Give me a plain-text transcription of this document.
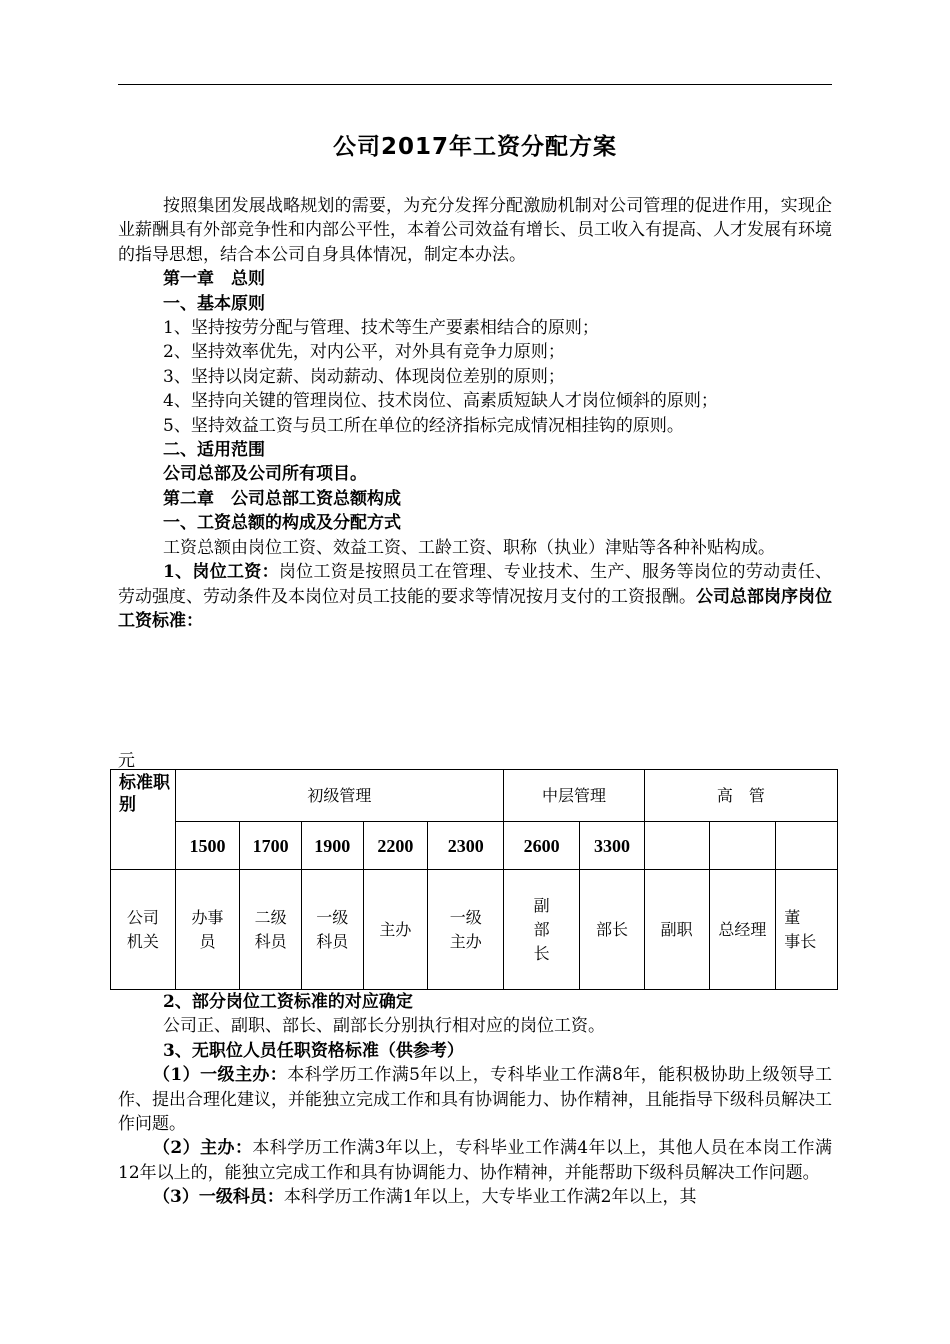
公司2017年工资分配方案

按照集团发展战略规划的需要，为充分发挥分配激励机制对公司管理的促进作用，实现企业薪酬具有外部竞争性和内部公平性，本着公司效益有增长、员工收入有提高、人才发展有环境的指导思想，结合本公司自身具体情况，制定本办法。

第一章　总则

一、基本原则

1、坚持按劳分配与管理、技术等生产要素相结合的原则；

2、坚持效率优先，对内公平，对外具有竞争力原则；

3、坚持以岗定薪、岗动薪动、体现岗位差别的原则；

4、坚持向关键的管理岗位、技术岗位、高素质短缺人才岗位倾斜的原则；

5、坚持效益工资与员工所在单位的经济指标完成情况相挂钩的原则。

二、适用范围

公司总部及公司所有项目。

第二章　公司总部工资总额构成

一、工资总额的构成及分配方式

工资总额由岗位工资、效益工资、工龄工资、职称（执业）津贴等各种补贴构成。

1、岗位工资：岗位工资是按照员工在管理、专业技术、生产、服务等岗位的劳动责任、劳动强度、劳动条件及本岗位对员工技能的要求等情况按月支付的工资报酬。公司总部岗序岗位工资标准：

元
标准职别	初级管理					中层管理		高　管		
	1500	1700	1900	2200	2300	2600	3300			
公司机关	办事员	二级科员	一级科员	主办	一级主办	副部长	部长	副职	总经理	董　事长

2、部分岗位工资标准的对应确定

公司正、副职、部长、副部长分别执行相对应的岗位工资。

3、无职位人员任职资格标准（供参考）

（1）一级主办：本科学历工作满5年以上，专科毕业工作满8年，能积极协助上级领导工作、提出合理化建议，并能独立完成工作和具有协调能力、协作精神，且能指导下级科员解决工作问题。

（2）主办：本科学历工作满3年以上，专科毕业工作满4年以上，其他人员在本岗工作满12年以上的，能独立完成工作和具有协调能力、协作精神，并能帮助下级科员解决工作问题。

（3）一级科员：本科学历工作满1年以上，大专毕业工作满2年以上，其
